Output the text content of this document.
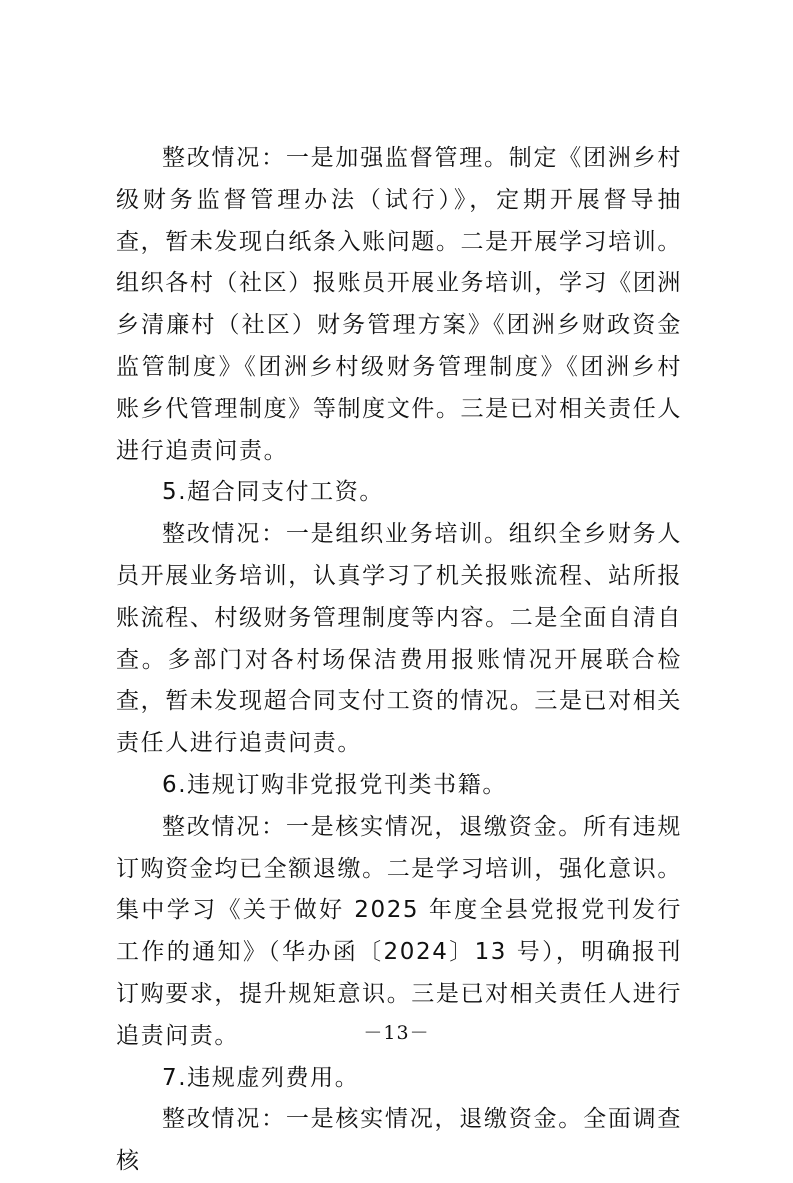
整改情况：一是加强监督管理。制定《团洲乡村级财务监督管理办法（试行）》，定期开展督导抽查，暂未发现白纸条入账问题。二是开展学习培训。组织各村（社区）报账员开展业务培训，学习《团洲乡清廉村（社区）财务管理方案》《团洲乡财政资金监管制度》《团洲乡村级财务管理制度》《团洲乡村账乡代管理制度》等制度文件。三是已对相关责任人进行追责问责。

5.超合同支付工资。

整改情况：一是组织业务培训。组织全乡财务人员开展业务培训，认真学习了机关报账流程、站所报账流程、村级财务管理制度等内容。二是全面自清自查。多部门对各村场保洁费用报账情况开展联合检查，暂未发现超合同支付工资的情况。三是已对相关责任人进行追责问责。

6.违规订购非党报党刊类书籍。

整改情况：一是核实情况，退缴资金。所有违规订购资金均已全额退缴。二是学习培训，强化意识。集中学习《关于做好 2025 年度全县党报党刊发行工作的通知》（华办函〔2024〕13 号），明确报刊订购要求，提升规矩意识。三是已对相关责任人进行追责问责。

7.违规虚列费用。

整改情况：一是核实情况，退缴资金。全面调查核

－13－
